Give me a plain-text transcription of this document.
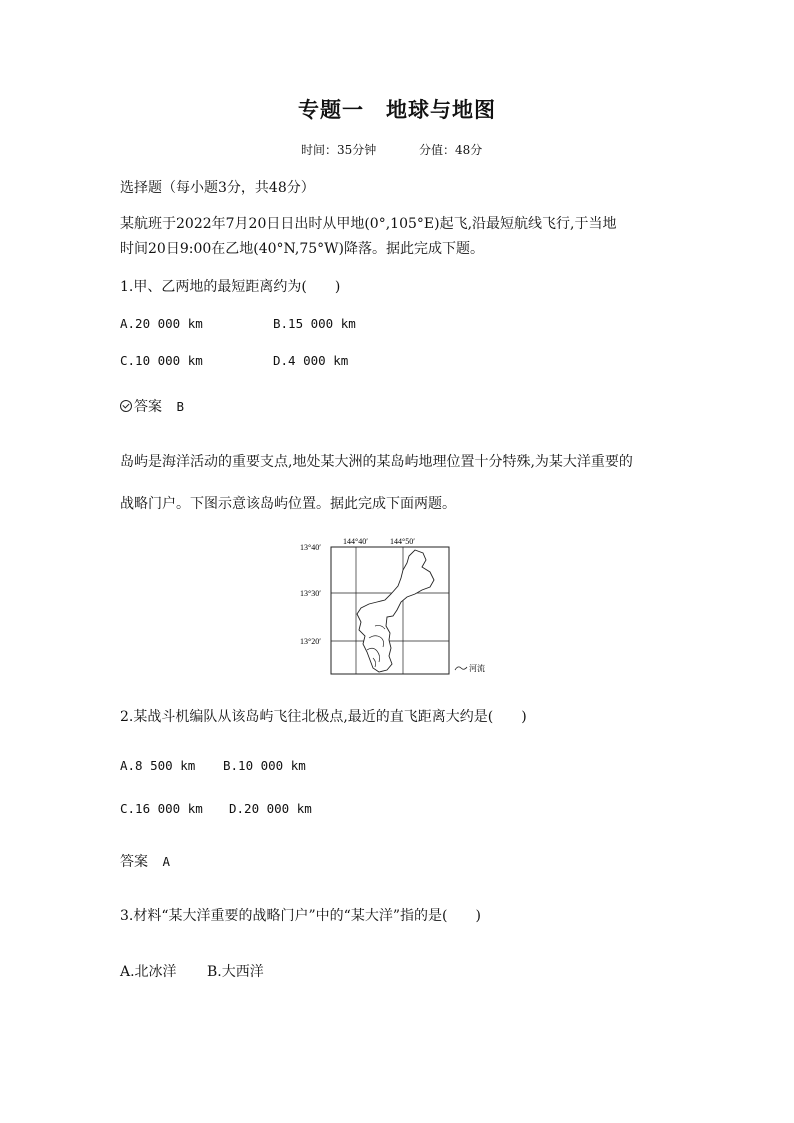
专题一　地球与地图
时间：35分钟	分值：48分
选择题（每小题3分，共48分）
某航班于2022年7月20日日出时从甲地(0°,105°E)起飞,沿最短航线飞行,于当地
时间20日9:00在乙地(40°N,75°W)降落。据此完成下题。
1.甲、乙两地的最短距离约为(　　)
A.20 000 km	B.15 000 km
C.10 000 km	D.4 000 km
答案 B
岛屿是海洋活动的重要支点,地处某大洲的某岛屿地理位置十分特殊,为某大洋重要的
战略门户。下图示意该岛屿位置。据此完成下面两题。
144°40′	144°50′
13°40′
13°30′
13°20′
河流
2.某战斗机编队从该岛屿飞往北极点,最近的直飞距离大约是(　　)
A.8 500 km B.10 000 km
C.16 000 km D.20 000 km
答案 A
3.材料“某大洋重要的战略门户”中的“某大洋”指的是(　　)
A.北冰洋 B.大西洋
